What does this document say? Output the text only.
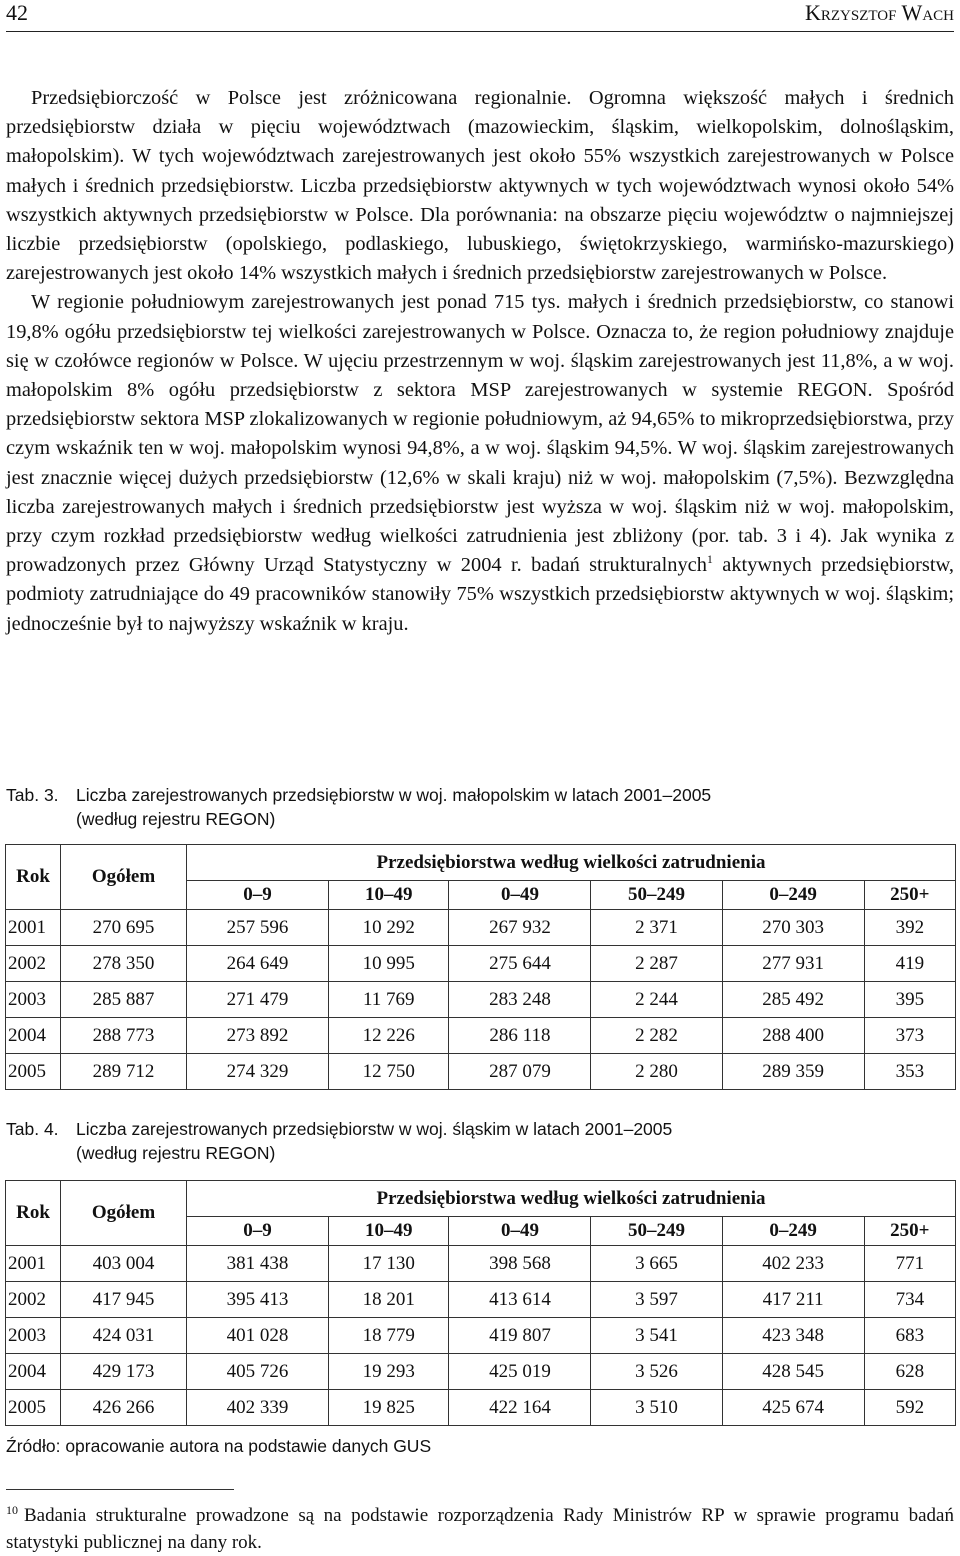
42	Krzysztof Wach

Przedsiębiorczość w Polsce jest zróżnicowana regionalnie. Ogromna większość małych i średnich przedsiębiorstw działa w pięciu województwach (mazowieckim, śląskim, wielkopolskim, dolnośląskim, małopolskim). W tych województwach zarejestrowanych jest około 55% wszystkich zarejestrowanych w Polsce małych i średnich przedsiębiorstw. Liczba przedsiębiorstw aktywnych w tych województwach wynosi około 54% wszystkich aktywnych przedsiębiorstw w Polsce. Dla porównania: na obszarze pięciu województw o najmniejszej liczbie przedsiębiorstw (opolskiego, podlaskiego, lubuskiego, świętokrzyskiego, warmińsko-mazurskiego) zarejestrowanych jest około 14% wszystkich małych i średnich przedsiębiorstw zarejestrowanych w Polsce.

W regionie południowym zarejestrowanych jest ponad 715 tys. małych i średnich przedsiębiorstw, co stanowi 19,8% ogółu przedsiębiorstw tej wielkości zarejestrowanych w Polsce. Oznacza to, że region południowy znajduje się w czołówce regionów w Polsce. W ujęciu przestrzennym w woj. śląskim zarejestrowanych jest 11,8%, a w woj. małopolskim 8% ogółu przedsiębiorstw z sektora MSP zarejestrowanych w systemie REGON. Spośród przedsiębiorstw sektora MSP zlokalizowanych w regionie południowym, aż 94,65% to mikroprzedsiębiorstwa, przy czym wskaźnik ten w woj. małopolskim wynosi 94,8%, a w woj. śląskim 94,5%. W woj. śląskim zarejestrowanych jest znacznie więcej dużych przedsiębiorstw (12,6% w skali kraju) niż w woj. małopolskim (7,5%). Bezwzględna liczba zarejestrowanych małych i średnich przedsiębiorstw jest wyższa w woj. śląskim niż w woj. małopolskim, przy czym rozkład przedsiębiorstw według wielkości zatrudnienia jest zbliżony (por. tab. 3 i 4). Jak wynika z prowadzonych przez Główny Urząd Statystyczny w 2004 r. badań strukturalnych$^1$ aktywnych przedsiębiorstw, podmioty zatrudniające do 49 pracowników stanowiły 75% wszystkich przedsiębiorstw aktywnych w woj. śląskim; jednocześnie był to najwyższy wskaźnik w kraju.

Tab. 3. Liczba zarejestrowanych przedsiębiorstw w woj. małopolskim w latach 2001–2005
(według rejestru REGON)
Rok	Ogółem	Przedsiębiorstwa według wielkości zatrudnienia					
		0–9	10–49	0–49	50–249	0–249	250+
2001	270 695	257 596	10 292	267 932	2 371	270 303	392
2002	278 350	264 649	10 995	275 644	2 287	277 931	419
2003	285 887	271 479	11 769	283 248	2 244	285 492	395
2004	288 773	273 892	12 226	286 118	2 282	288 400	373
2005	289 712	274 329	12 750	287 079	2 280	289 359	353
Tab. 4. Liczba zarejestrowanych przedsiębiorstw w woj. śląskim w latach 2001–2005
(według rejestru REGON)
Rok	Ogółem	Przedsiębiorstwa według wielkości zatrudnienia					
		0–9	10–49	0–49	50–249	0–249	250+
2001	403 004	381 438	17 130	398 568	3 665	402 233	771
2002	417 945	395 413	18 201	413 614	3 597	417 211	734
2003	424 031	401 028	18 779	419 807	3 541	423 348	683
2004	429 173	405 726	19 293	425 019	3 526	428 545	628
2005	426 266	402 339	19 825	422 164	3 510	425 674	592
Źródło: opracowanie autora na podstawie danych GUS
$^{10}$ Badania strukturalne prowadzone są na podstawie rozporządzenia Rady Ministrów RP w sprawie programu badań statystyki publicznej na dany rok.
